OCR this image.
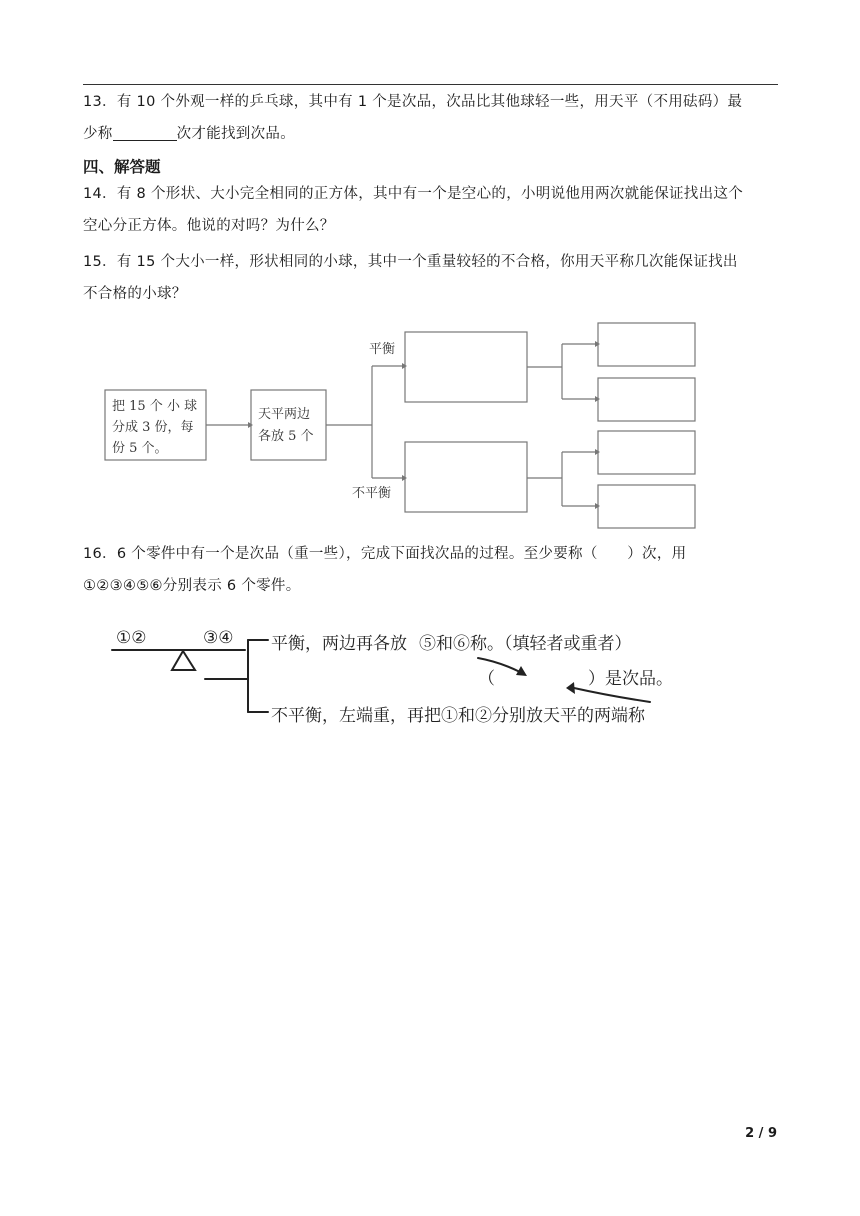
13．有 10 个外观一样的乒乓球，其中有 1 个是次品，次品比其他球轻一些，用天平（不用砝码）最
少称	次才能找到次品。
四、解答题
14．有 8 个形状、大小完全相同的正方体，其中有一个是空心的，小明说他用两次就能保证找出这个
空心分正方体。他说的对吗？为什么？
15．有 15 个大小一样，形状相同的小球，其中一个重量较轻的不合格，你用天平称几次能保证找出
不合格的小球？
把 15 个 小 球
分成 3 份，每
份 5 个。
天平两边
各放 5 个
平衡
不平衡
16．6 个零件中有一个是次品（重一些），完成下面找次品的过程。至少要称（　　）次，用
①②③④⑤⑥分别表示 6 个零件。
①②	③④ 平衡，两边再各放 ⑤和⑥称。（填轻者或重者）
（	）是次品。
不平衡，左端重，再把①和②分别放天平的两端称
2 / 9
